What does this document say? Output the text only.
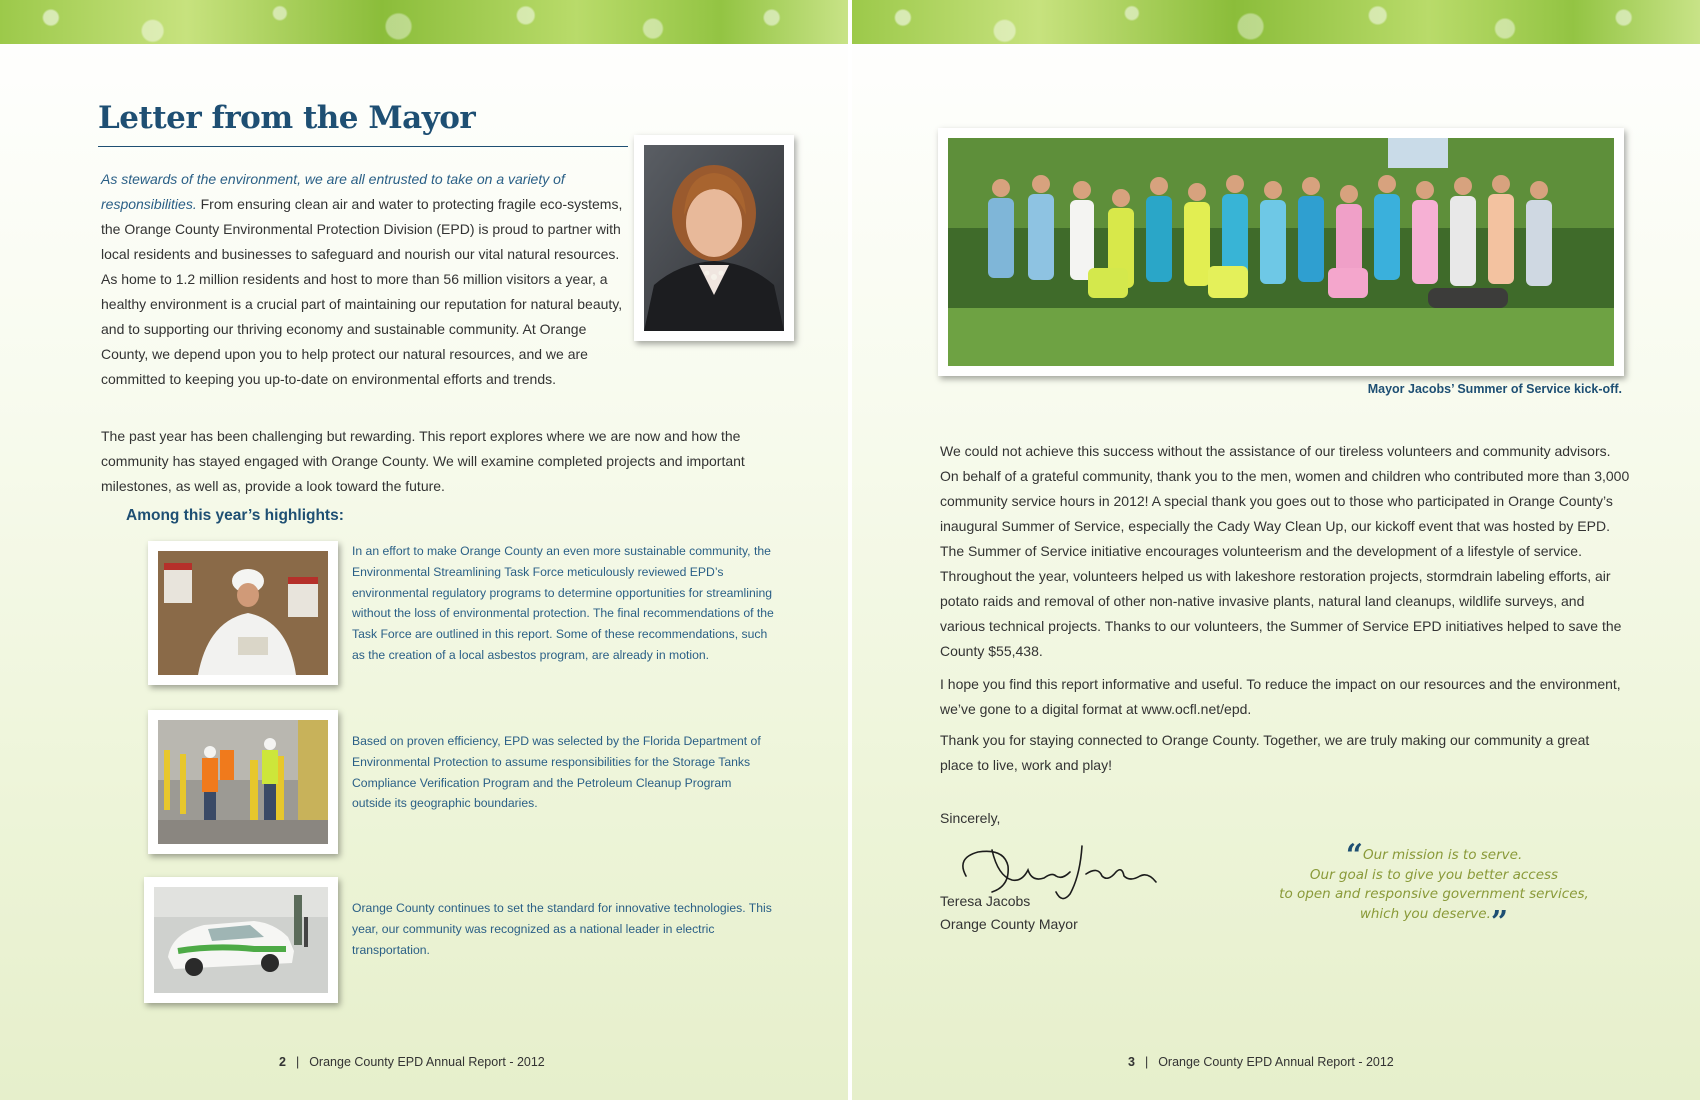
Letter from the Mayor

As stewards of the environment, we are all entrusted to take on a variety of responsibilities. From ensuring clean air and water to protecting fragile eco-systems, the Orange County Environmental Protection Division (EPD) is proud to partner with local residents and businesses to safeguard and nourish our vital natural resources. As home to 1.2 million residents and host to more than 56 million visitors a year, a healthy environment is a crucial part of maintaining our reputation for natural beauty, and to supporting our thriving economy and sustainable community. At Orange County, we depend upon you to help protect our natural resources, and we are committed to keeping you up-to-date on environmental efforts and trends.

The past year has been challenging but rewarding. This report explores where we are now and how the community has stayed engaged with Orange County. We will examine completed projects and important milestones, as well as, provide a look toward the future.

Among this year’s highlights:

In an effort to make Orange County an even more sustainable community, the Environmental Streamlining Task Force meticulously reviewed EPD’s environmental regulatory programs to determine opportunities for streamlining without the loss of environmental protection. The final recommendations of the Task Force are outlined in this report. Some of these recommendations, such as the creation of a local asbestos program, are already in motion.

Based on proven efficiency, EPD was selected by the Florida Department of Environmental Protection to assume responsibilities for the Storage Tanks Compliance Verification Program and the Petroleum Cleanup Program outside its geographic boundaries.

Orange County continues to set the standard for innovative technologies. This year, our community was recognized as a national leader in electric transportation.

2 | Orange County EPD Annual Report - 2012

Mayor Jacobs’ Summer of Service kick-off.

We could not achieve this success without the assistance of our tireless volunteers and community advisors. On behalf of a grateful community, thank you to the men, women and children who contributed more than 3,000 community service hours in 2012! A special thank you goes out to those who participated in Orange County’s inaugural Summer of Service, especially the Cady Way Clean Up, our kickoff event that was hosted by EPD. The Summer of Service initiative encourages volunteerism and the development of a lifestyle of service. Throughout the year, volunteers helped us with lakeshore restoration projects, stormdrain labeling efforts, air potato raids and removal of other non-native invasive plants, natural land cleanups, wildlife surveys, and various technical projects. Thanks to our volunteers, the Summer of Service EPD initiatives helped to save the County $55,438.

I hope you find this report informative and useful. To reduce the impact on our resources and the environment, we’ve gone to a digital format at www.ocfl.net/epd.

Thank you for staying connected to Orange County. Together, we are truly making our community a great place to live, work and play!

Sincerely,

Teresa Jacobs

Orange County Mayor

“Our mission is to serve.
Our goal is to give you better access
to open and responsive government services,
which you deserve.”
3 | Orange County EPD Annual Report - 2012
